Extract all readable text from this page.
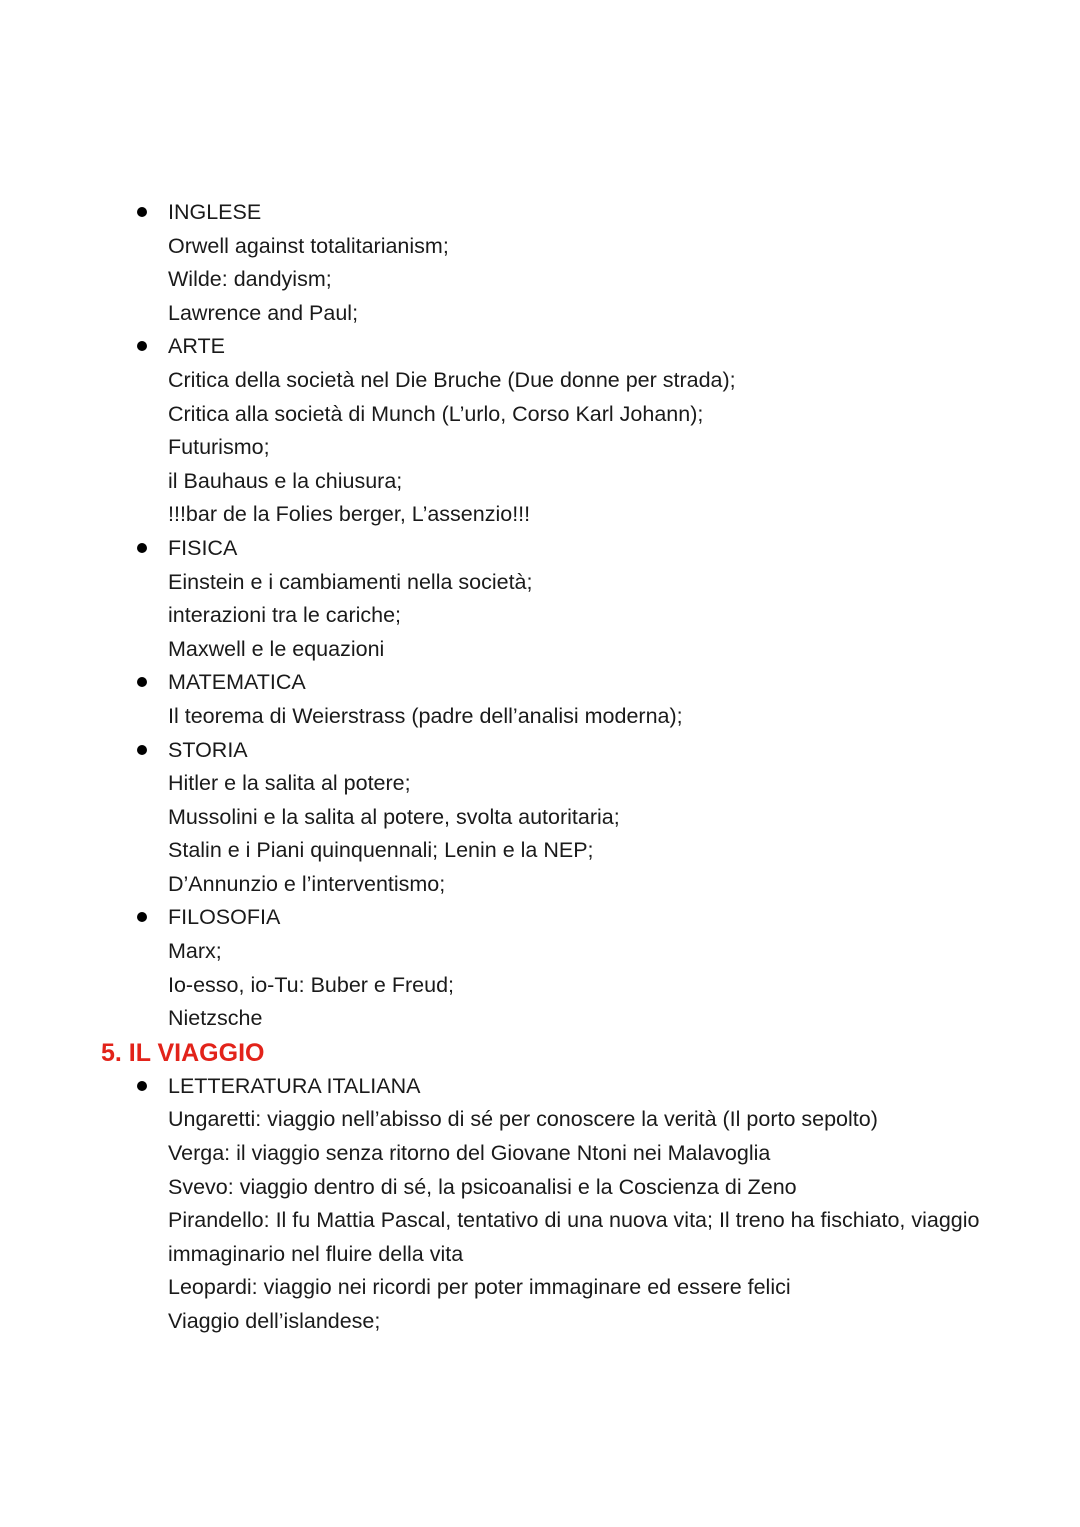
INGLESE
Orwell against totalitarianism;
Wilde: dandyism;
Lawrence and Paul;
ARTE
Critica della società nel Die Bruche (Due donne per strada);
Critica alla società di Munch (L’urlo, Corso Karl Johann);
Futurismo;
il Bauhaus e la chiusura;
!!!bar de la Folies berger, L’assenzio!!!
FISICA
Einstein e i cambiamenti nella società;
interazioni tra le cariche;
Maxwell e le equazioni
MATEMATICA
Il teorema di Weierstrass (padre dell’analisi moderna);
STORIA
Hitler e la salita al potere;
Mussolini e la salita al potere, svolta autoritaria;
Stalin e i Piani quinquennali; Lenin e la NEP;
D’Annunzio e l’interventismo;
FILOSOFIA
Marx;
Io-esso, io-Tu: Buber e Freud;
Nietzsche
5. IL VIAGGIO
LETTERATURA ITALIANA
Ungaretti: viaggio nell’abisso di sé per conoscere la verità (Il porto sepolto)
Verga: il viaggio senza ritorno del Giovane Ntoni nei Malavoglia
Svevo: viaggio dentro di sé, la psicoanalisi e la Coscienza di Zeno
Pirandello: Il fu Mattia Pascal, tentativo di una nuova vita; Il treno ha fischiato, viaggio immaginario nel fluire della vita
Leopardi: viaggio nei ricordi per poter immaginare ed essere felici
Viaggio dell’islandese;
